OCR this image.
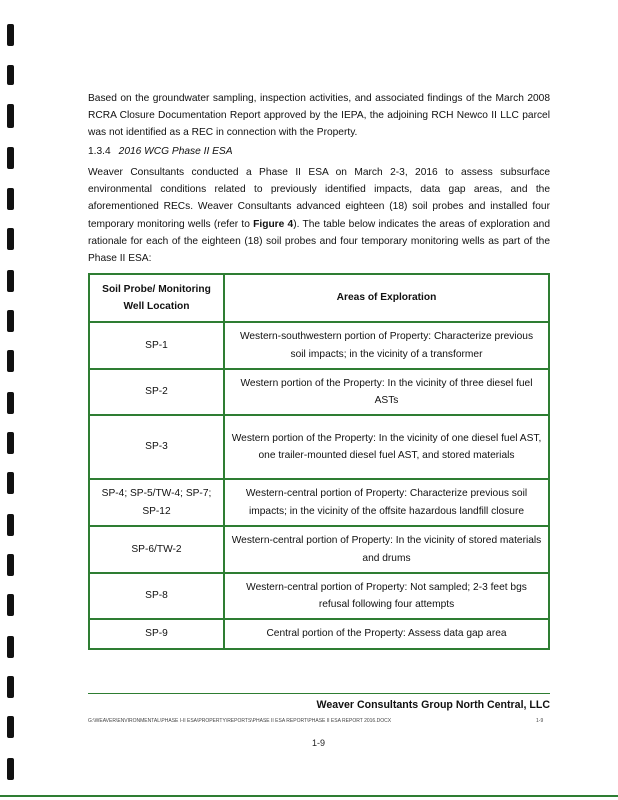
Based on the groundwater sampling, inspection activities, and associated findings of the March 2008 RCRA Closure Documentation Report approved by the IEPA, the adjoining RCH Newco II LLC parcel was not identified as a REC in connection with the Property.

1.3.4 2016 WCG Phase II ESA

Weaver Consultants conducted a Phase II ESA on March 2-3, 2016 to assess subsurface environmental conditions related to previously identified impacts, data gap areas, and the aforementioned RECs. Weaver Consultants advanced eighteen (18) soil probes and installed four temporary monitoring wells (refer to Figure 4). The table below indicates the areas of exploration and rationale for each of the eighteen (18) soil probes and four temporary monitoring wells as part of the Phase II ESA:

Soil Probe/ Monitoring Well Location	Areas of Exploration
SP-1	Western-southwestern portion of Property: Characterize previous soil impacts; in the vicinity of a transformer
SP-2	Western portion of the Property: In the vicinity of three diesel fuel ASTs
SP-3	Western portion of the Property: In the vicinity of one diesel fuel AST, one trailer-mounted diesel fuel AST, and stored materials
SP-4; SP-5/TW-4; SP-7; SP-12	Western-central portion of Property: Characterize previous soil impacts; in the vicinity of the offsite hazardous landfill closure
SP-6/TW-2	Western-central portion of Property: In the vicinity of stored materials and drums
SP-8	Western-central portion of Property: Not sampled; 2-3 feet bgs refusal following four attempts
SP-9	Central portion of the Property: Assess data gap area
Weaver Consultants Group North Central, LLC
G:\WEAVER\ENVIRONMENTAL\PHASE I-II ESA\PROPERTY\REPORTS\PHASE II ESA REPORT\PHASE II ESA REPORT 2016.DOCX	1-9
1-9
